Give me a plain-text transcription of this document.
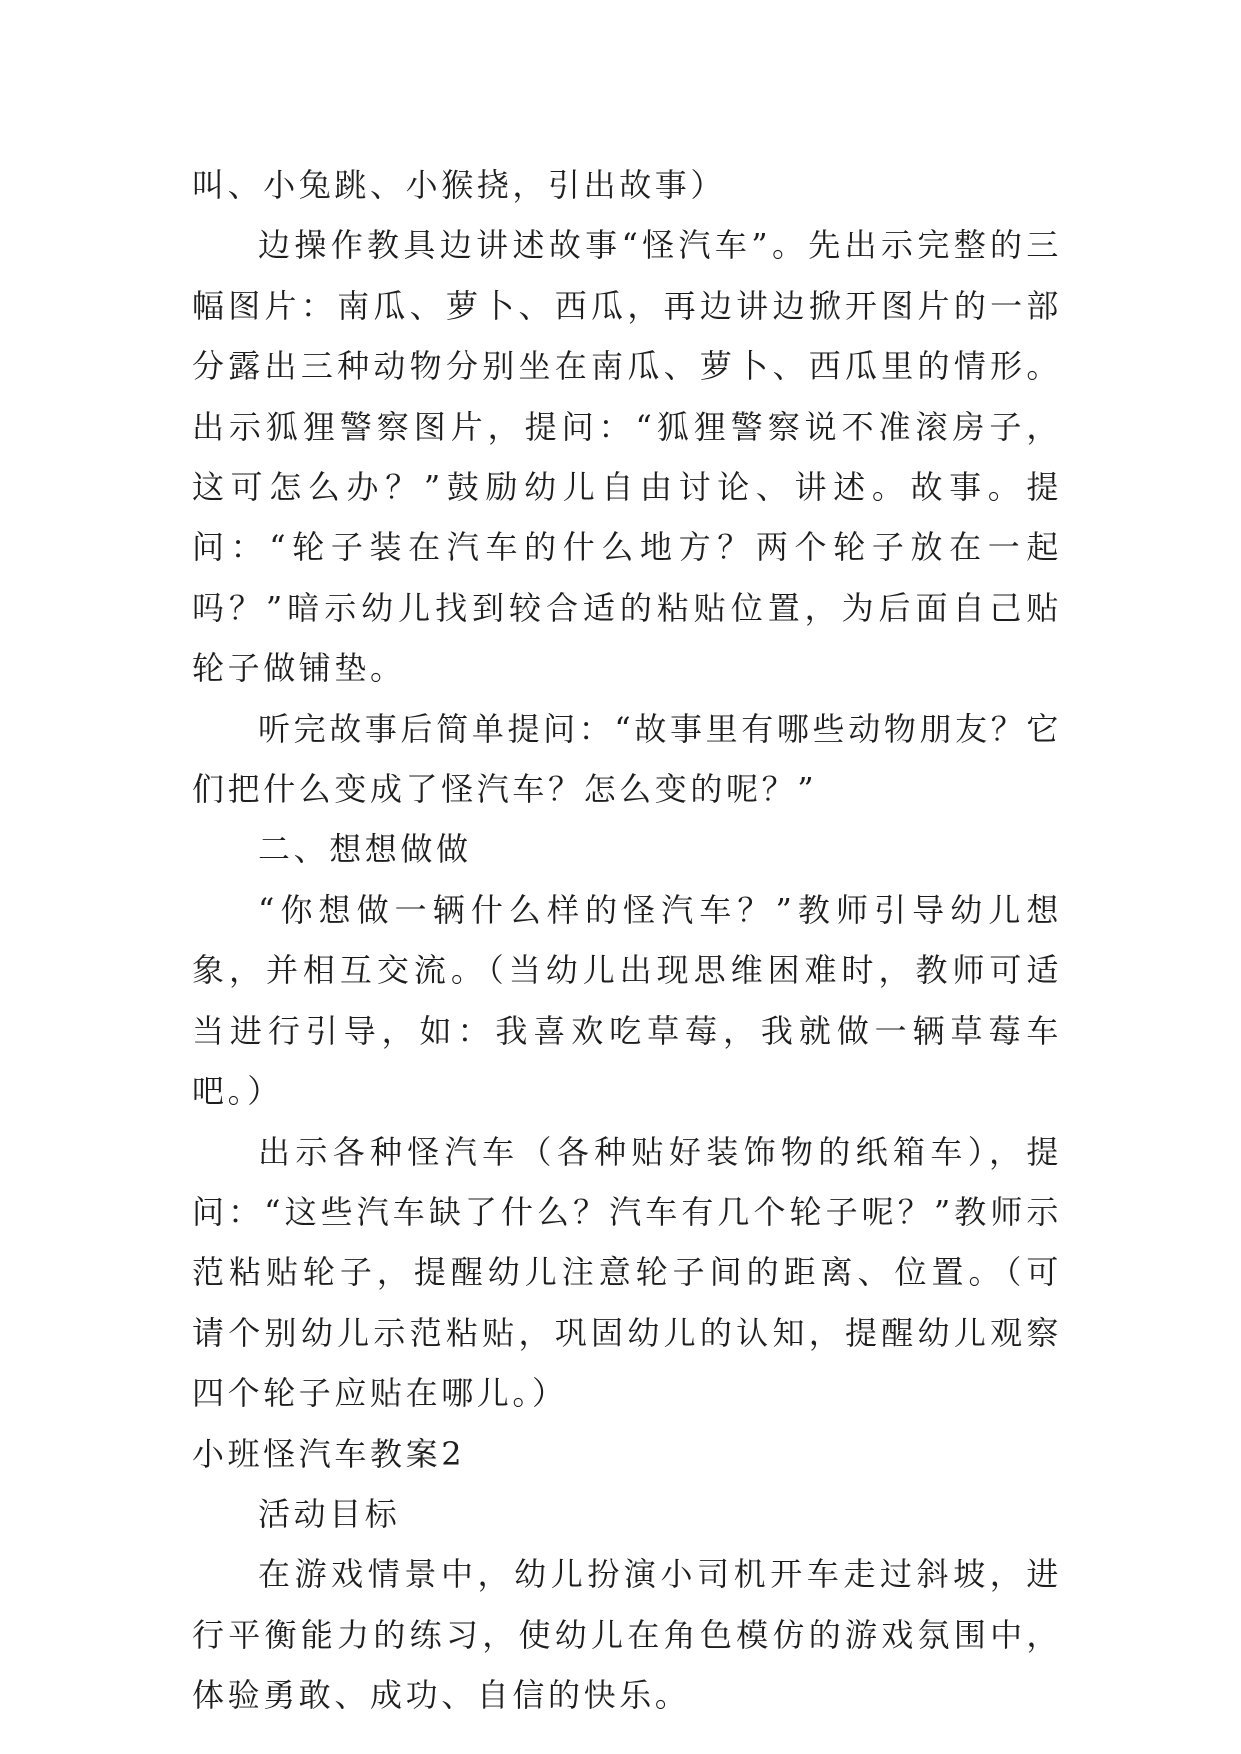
叫、小兔跳、小猴挠，引出故事）

边操作教具边讲述故事“怪汽车”。先出示完整的三幅图片：南瓜、萝卜、西瓜，再边讲边掀开图片的一部分露出三种动物分别坐在南瓜、萝卜、西瓜里的情形。出示狐狸警察图片，提问：“狐狸警察说不准滚房子，这可怎么办？”鼓励幼儿自由讨论、讲述。故事。提问：“轮子装在汽车的什么地方？两个轮子放在一起吗？”暗示幼儿找到较合适的粘贴位置，为后面自己贴轮子做铺垫。

听完故事后简单提问：“故事里有哪些动物朋友？它们把什么变成了怪汽车？怎么变的呢？”

二、想想做做

“你想做一辆什么样的怪汽车？”教师引导幼儿想象，并相互交流。（当幼儿出现思维困难时，教师可适当进行引导，如：我喜欢吃草莓，我就做一辆草莓车吧。）

出示各种怪汽车（各种贴好装饰物的纸箱车），提问：“这些汽车缺了什么？汽车有几个轮子呢？”教师示范粘贴轮子，提醒幼儿注意轮子间的距离、位置。（可请个别幼儿示范粘贴，巩固幼儿的认知，提醒幼儿观察四个轮子应贴在哪儿。）

小班怪汽车教案2

活动目标

在游戏情景中，幼儿扮演小司机开车走过斜坡，进行平衡能力的练习，使幼儿在角色模仿的游戏氛围中，体验勇敢、成功、自信的快乐。
